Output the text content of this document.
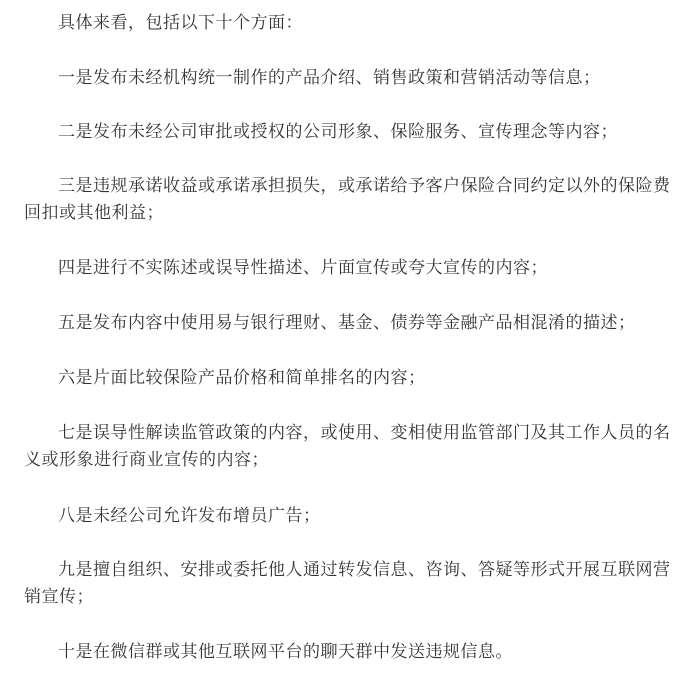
具体来看，包括以下十个方面：

一是发布未经机构统一制作的产品介绍、销售政策和营销活动等信息；

二是发布未经公司审批或授权的公司形象、保险服务、宣传理念等内容；

三是违规承诺收益或承诺承担损失，或承诺给予客户保险合同约定以外的保险费回扣或其他利益；

四是进行不实陈述或误导性描述、片面宣传或夸大宣传的内容；

五是发布内容中使用易与银行理财、基金、债券等金融产品相混淆的描述；

六是片面比较保险产品价格和简单排名的内容；

七是误导性解读监管政策的内容，或使用、变相使用监管部门及其工作人员的名义或形象进行商业宣传的内容；

八是未经公司允许发布增员广告；

九是擅自组织、安排或委托他人通过转发信息、咨询、答疑等形式开展互联网营销宣传；

十是在微信群或其他互联网平台的聊天群中发送违规信息。
